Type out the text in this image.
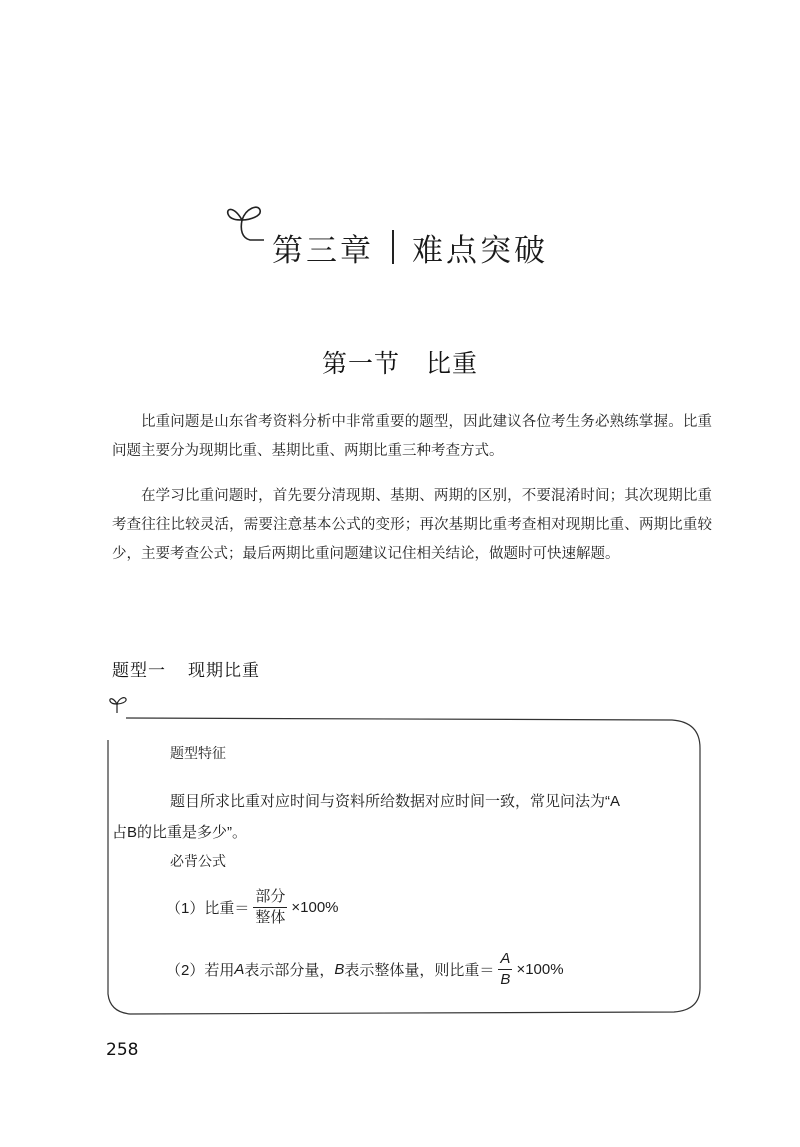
第三章 难点突破
第一节 比重

比重问题是山东省考资料分析中非常重要的题型，因此建议各位考生务必熟练掌握。比重问题主要分为现期比重、基期比重、两期比重三种考查方式。

在学习比重问题时，首先要分清现期、基期、两期的区别，不要混淆时间；其次现期比重考查往往比较灵活，需要注意基本公式的变形；再次基期比重考查相对现期比重、两期比重较少，主要考查公式；最后两期比重问题建议记住相关结论，做题时可快速解题。

题型一 现期比重
题型特征
题目所求比重对应时间与资料所给数据对应时间一致，常见问法为“A
占B的比重是多少”。
必背公式
（1） 比重＝ $\frac{\text{部分}}{\text{整体}} \times 100\%$
（2） 若用 A 表示部分量， B 表示整体量，则比重＝ $\frac{A}{B} \times 100\%$
258
